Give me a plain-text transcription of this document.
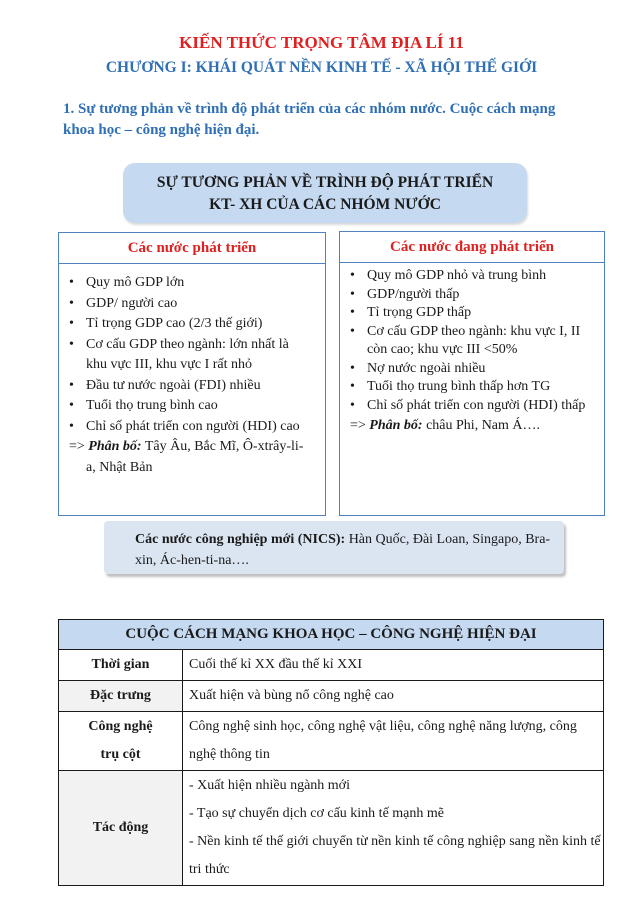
KIẾN THỨC TRỌNG TÂM ĐỊA LÍ 11
CHƯƠNG I: KHÁI QUÁT NỀN KINH TẾ - XÃ HỘI THẾ GIỚI
1. Sự tương phản về trình độ phát triển của các nhóm nước. Cuộc cách mạng
khoa học – công nghệ hiện đại.
SỰ TƯƠNG PHẢN VỀ TRÌNH ĐỘ PHÁT TRIỂN
KT- XH CỦA CÁC NHÓM NƯỚC
Các nước phát triển
• Quy mô GDP lớn
• GDP/ người cao
• Tỉ trọng GDP cao (2/3 thế giới)
• Cơ cấu GDP theo ngành: lớn nhất là khu vực III, khu vực I rất nhỏ
• Đầu tư nước ngoài (FDI) nhiều
• Tuổi thọ trung bình cao
• Chỉ số phát triển con người (HDI) cao
=> Phân bố: Tây Âu, Bắc Mĩ, Ô-xtrây-li-a, Nhật Bản
Các nước đang phát triển
• Quy mô GDP nhỏ và trung bình
• GDP/người thấp
• Tỉ trọng GDP thấp
• Cơ cấu GDP theo ngành: khu vực I, II còn cao; khu vực III <50%
• Nợ nước ngoài nhiều
• Tuổi thọ trung bình thấp hơn TG
• Chỉ số phát triển con người (HDI) thấp
=> Phân bố: châu Phi, Nam Á….
Các nước công nghiệp mới (NICS): Hàn Quốc, Đài Loan, Singapo, Bra-xin, Ác-hen-ti-na….
CUỘC CÁCH MẠNG KHOA HỌC – CÔNG NGHỆ HIỆN ĐẠI	
Thời gian	Cuối thế kỉ XX đầu thế kỉ XXI
Đặc trưng	Xuất hiện và bùng nổ công nghệ cao

Công nghệ
trụ cột	Công nghệ sinh học, công nghệ vật liệu, công nghệ năng lượng, công nghệ thông tin
Tác động	- Xuất hiện nhiều ngành mới
- Tạo sự chuyển dịch cơ cấu kinh tế mạnh mẽ
- Nền kinh tế thế giới chuyển từ nền kinh tế công nghiệp sang nền kinh tế tri thức
